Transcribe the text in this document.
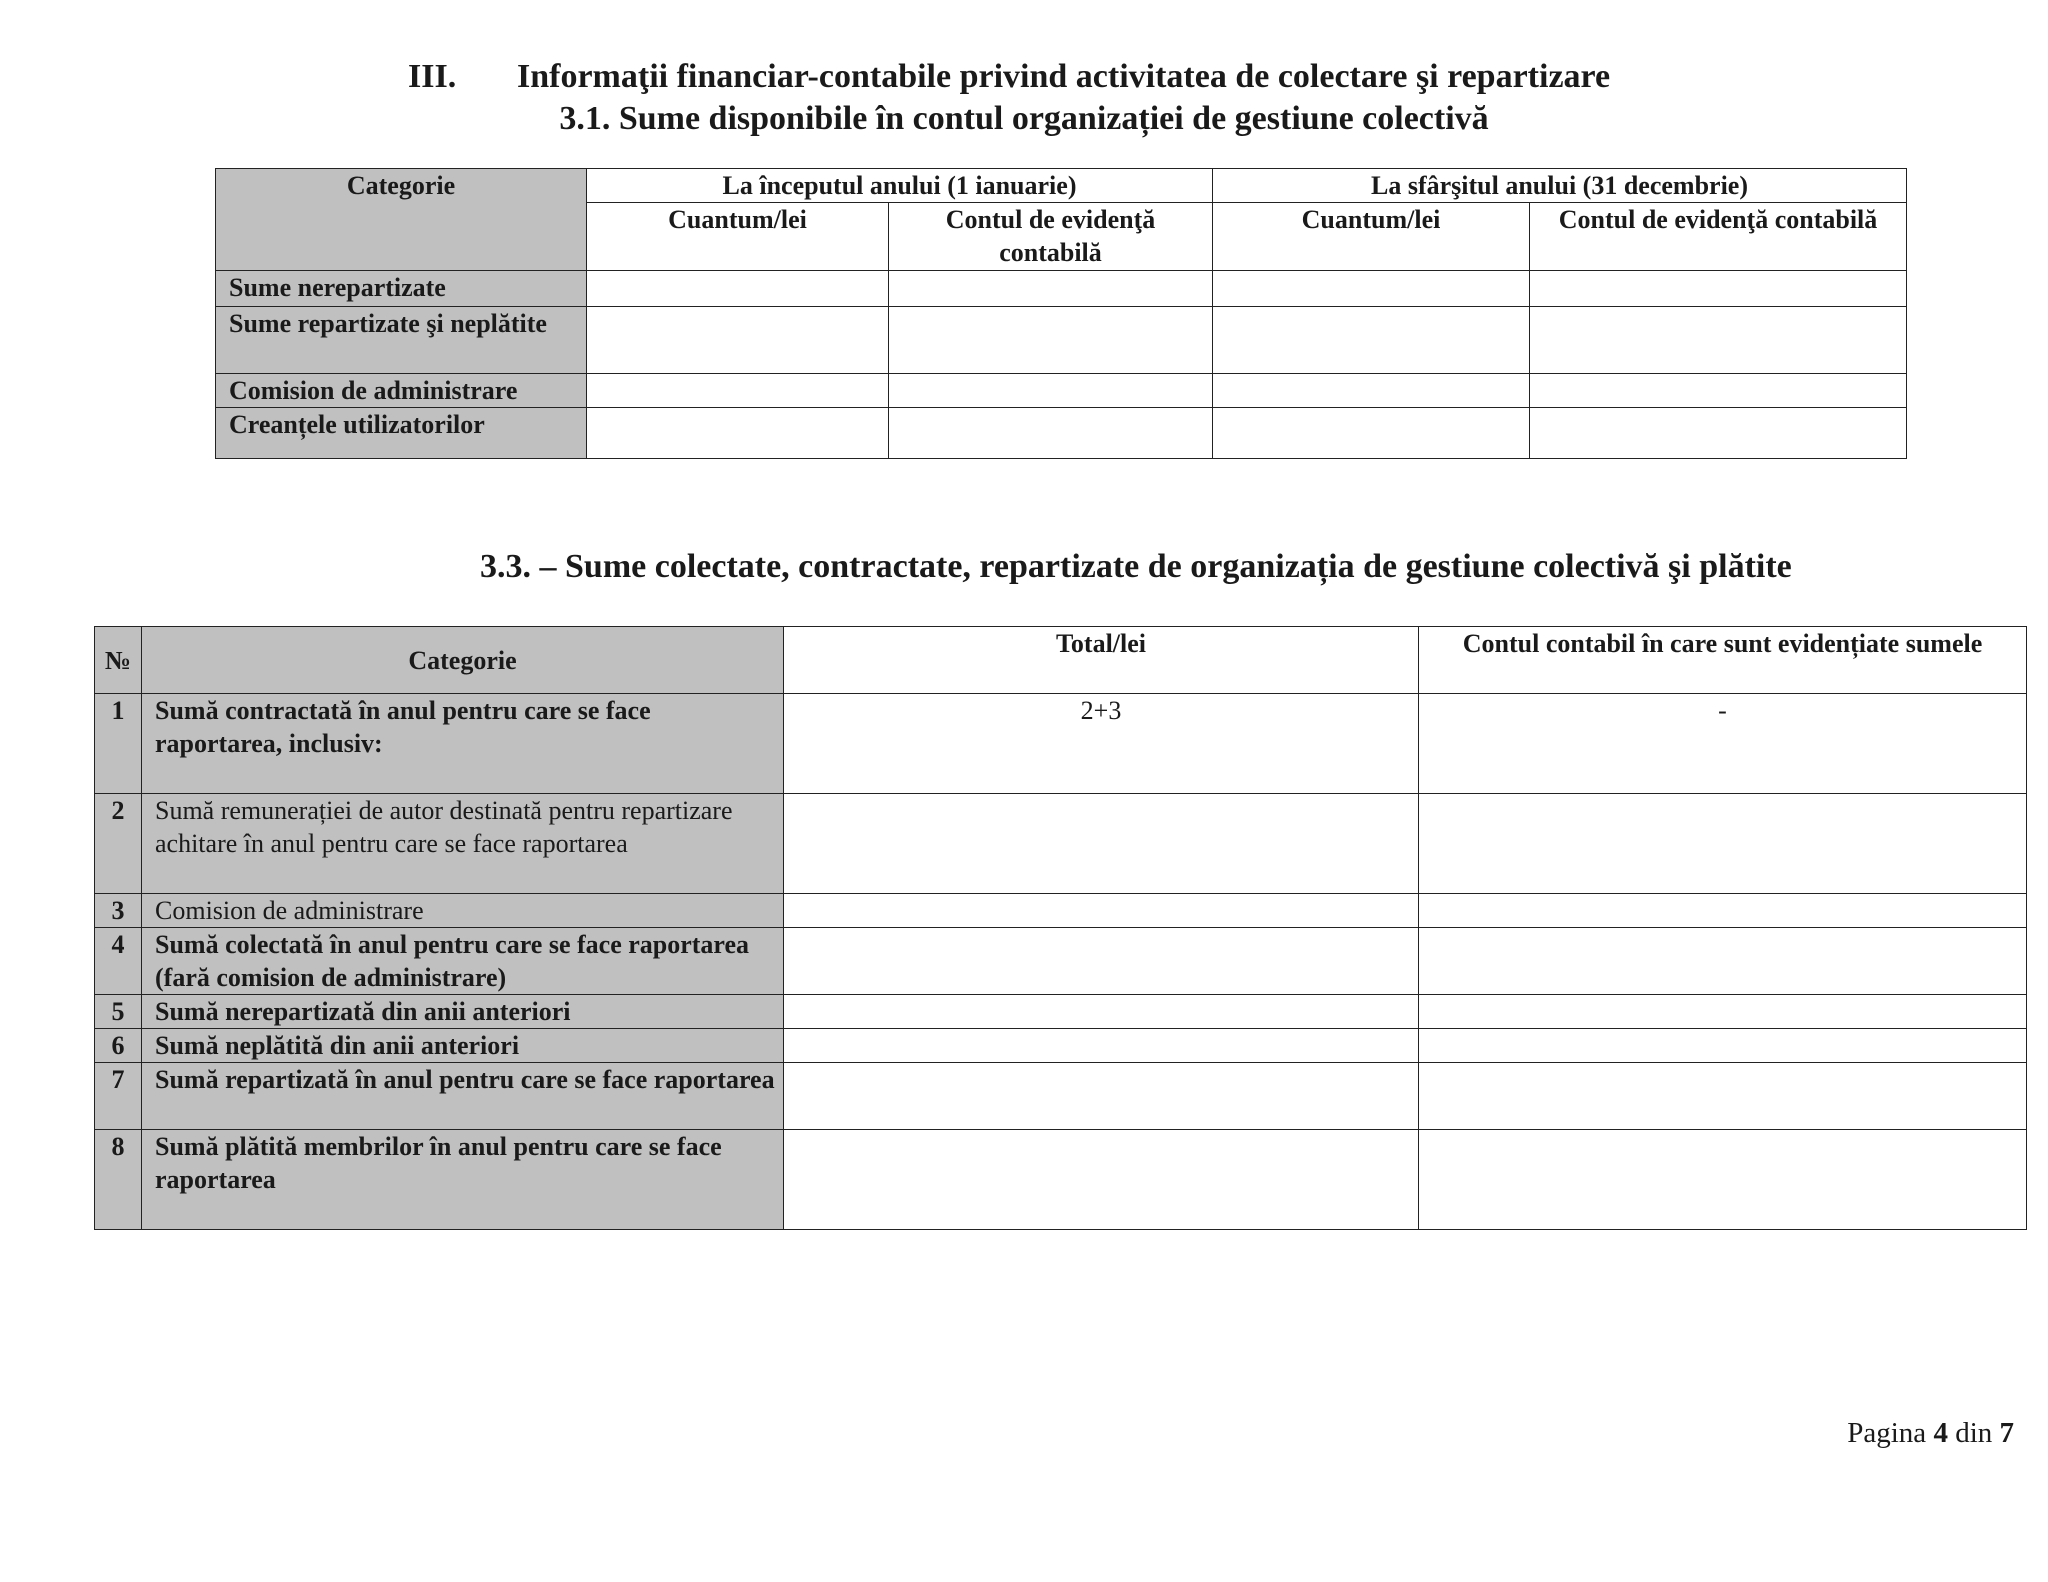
III. Informaţii financiar-contabile privind activitatea de colectare şi repartizare
3.1. Sume disponibile în contul organizației de gestiune colectivă
Categorie	La începutul anului (1 ianuarie)		La sfârşitul anului (31 decembrie)	
	Cuantum/lei	Contul de evidenţă contabilă	Cuantum/lei	Contul de evidenţă contabilă
Sume nerepartizate				
Sume repartizate şi neplătite				
Comision de administrare				
Creanțele utilizatorilor				
3.3. – Sume colectate, contractate, repartizate de organizația de gestiune colectivă şi plătite
№	Categorie	Total/lei	Contul contabil în care sunt evidențiate sumele
1	Sumă contractată în anul pentru care se face raportarea, inclusiv:	2+3	-
2	Sumă remunerației de autor destinată pentru repartizare achitare în anul pentru care se face raportarea		
3	Comision de administrare		
4	Sumă colectată în anul pentru care se face raportarea (fară comision de administrare)		
5	Sumă nerepartizată din anii anteriori		
6	Sumă neplătită din anii anteriori		
7	Sumă repartizată în anul pentru care se face raportarea		
8	Sumă plătită membrilor în anul pentru care se face raportarea		
Pagina 4 din 7
